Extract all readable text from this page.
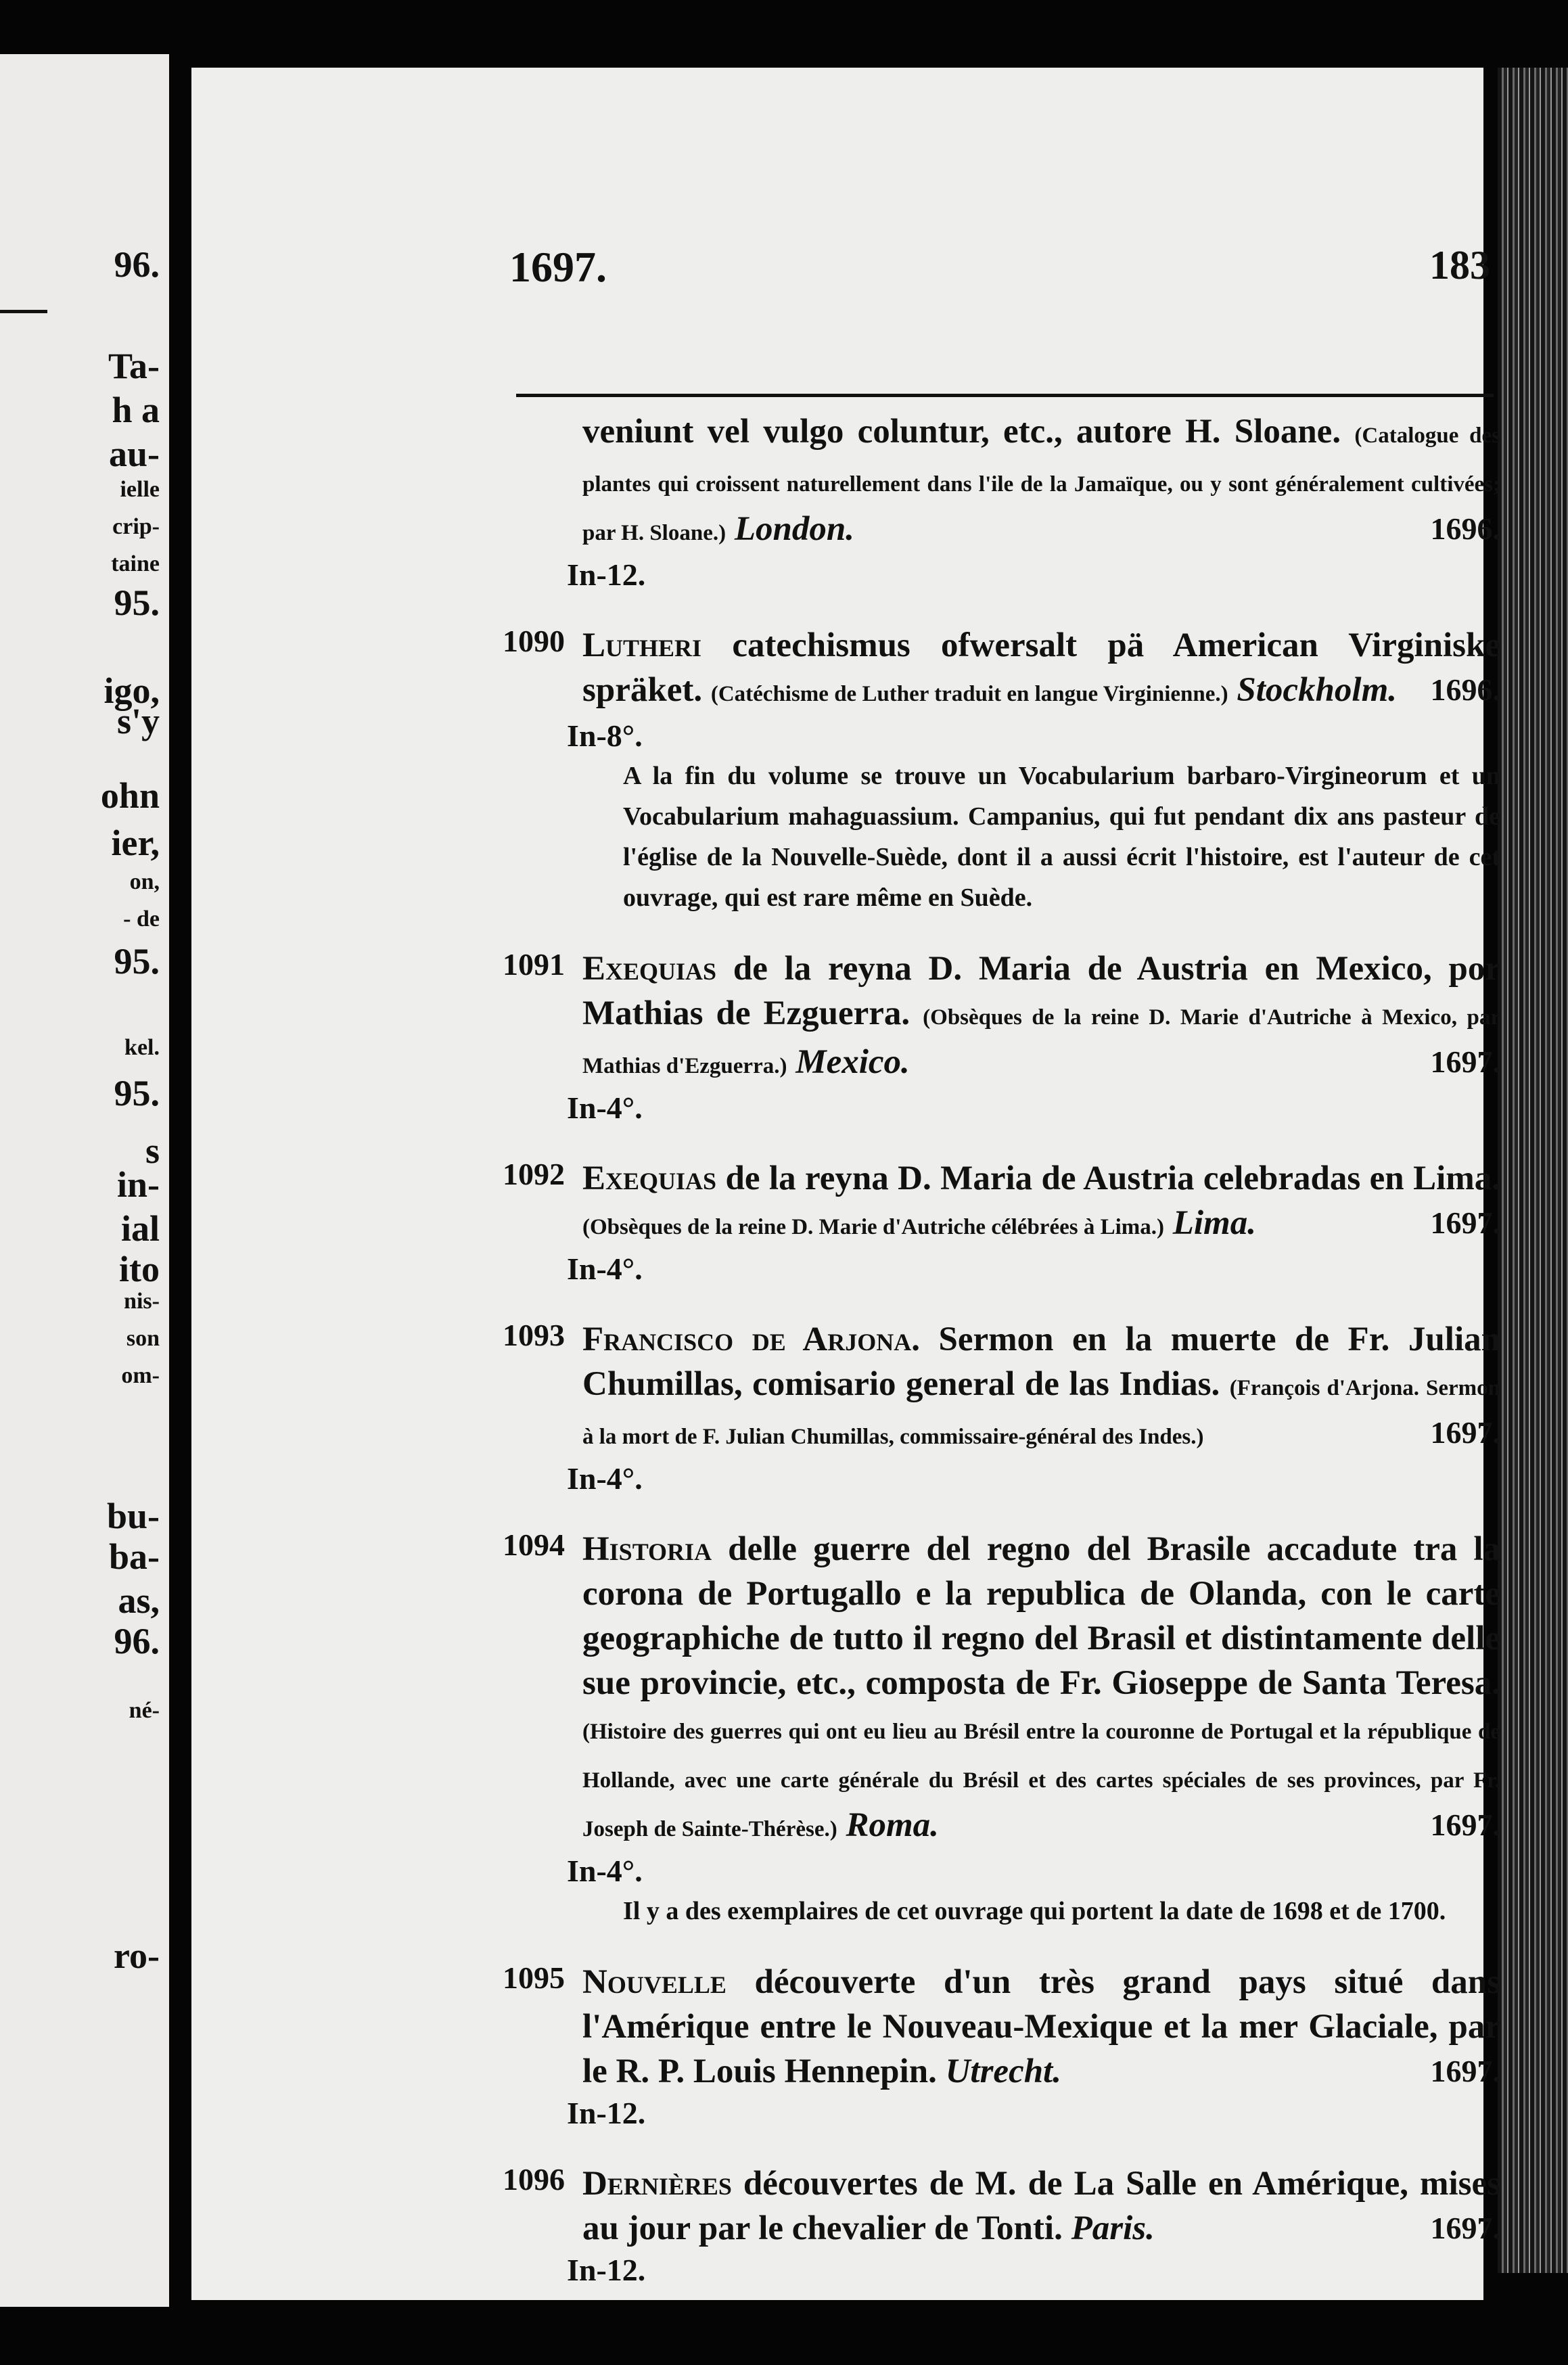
96.
Ta-
h a
au-
ielle
crip-
taine
95.
igo,
s'y
ohn
ier,
on,
- de
95.
kel.
95.
s
in-
ial
ito
nis-
son
om-
bu-
ba-
as,
96.
né-
ro-
1697.	183
veniunt vel vulgo coluntur, etc., autore H. Sloane. (Catalogue des plantes qui croissent naturellement dans l'ile de la Jamaïque, ou y sont généralement cultivées; par H. Sloane.) London.	1696.
In-12.
1090 Lutheri catechismus ofwersalt pä American Virginiske spräket. (Catéchisme de Luther traduit en langue Virginienne.) Stockholm. 1696.
In-8°.
A la fin du volume se trouve un Vocabularium barbaro-Virgineorum et un Vocabularium mahaguassium. Campanius, qui fut pendant dix ans pasteur de l'église de la Nouvelle-Suède, dont il a aussi écrit l'histoire, est l'auteur de cet ouvrage, qui est rare même en Suède.
1091 Exequias de la reyna D. Maria de Austria en Mexico, por Mathias de Ezguerra. (Obsèques de la reine D. Marie d'Autriche à Mexico, par Mathias d'Ezguerra.) Mexico.	1697.
In-4°.
1092 Exequias de la reyna D. Maria de Austria celebradas en Lima. (Obsèques de la reine D. Marie d'Autriche célébrées à Lima.) Lima.	1697.
In-4°.
1093 Francisco de Arjona. Sermon en la muerte de Fr. Julian Chumillas, comisario general de las Indias. (François d'Arjona. Sermon à la mort de F. Julian Chumillas, commissaire-général des Indes.)	1697.
In-4°.
1094 Historia delle guerre del regno del Brasile accadute tra la corona de Portugallo e la republica de Olanda, con le carte geographiche de tutto il regno del Brasil et distintamente delle sue provincie, etc., composta de Fr. Gioseppe de Santa Teresa. (Histoire des guerres qui ont eu lieu au Brésil entre la couronne de Portugal et la république de Hollande, avec une carte générale du Brésil et des cartes spéciales de ses provinces, par Fr. Joseph de Sainte-Thérèse.) Roma.	1697.
In-4°.
Il y a des exemplaires de cet ouvrage qui portent la date de 1698 et de 1700.
1095 Nouvelle découverte d'un très grand pays situé dans l'Amérique entre le Nouveau-Mexique et la mer Glaciale, par le R. P. Louis Hennepin. Utrecht.	1697.
In-12.
1096 Dernières découvertes de M. de La Salle en Amérique, mises au jour par le chevalier de Tonti. Paris.	1697.
In-12.
